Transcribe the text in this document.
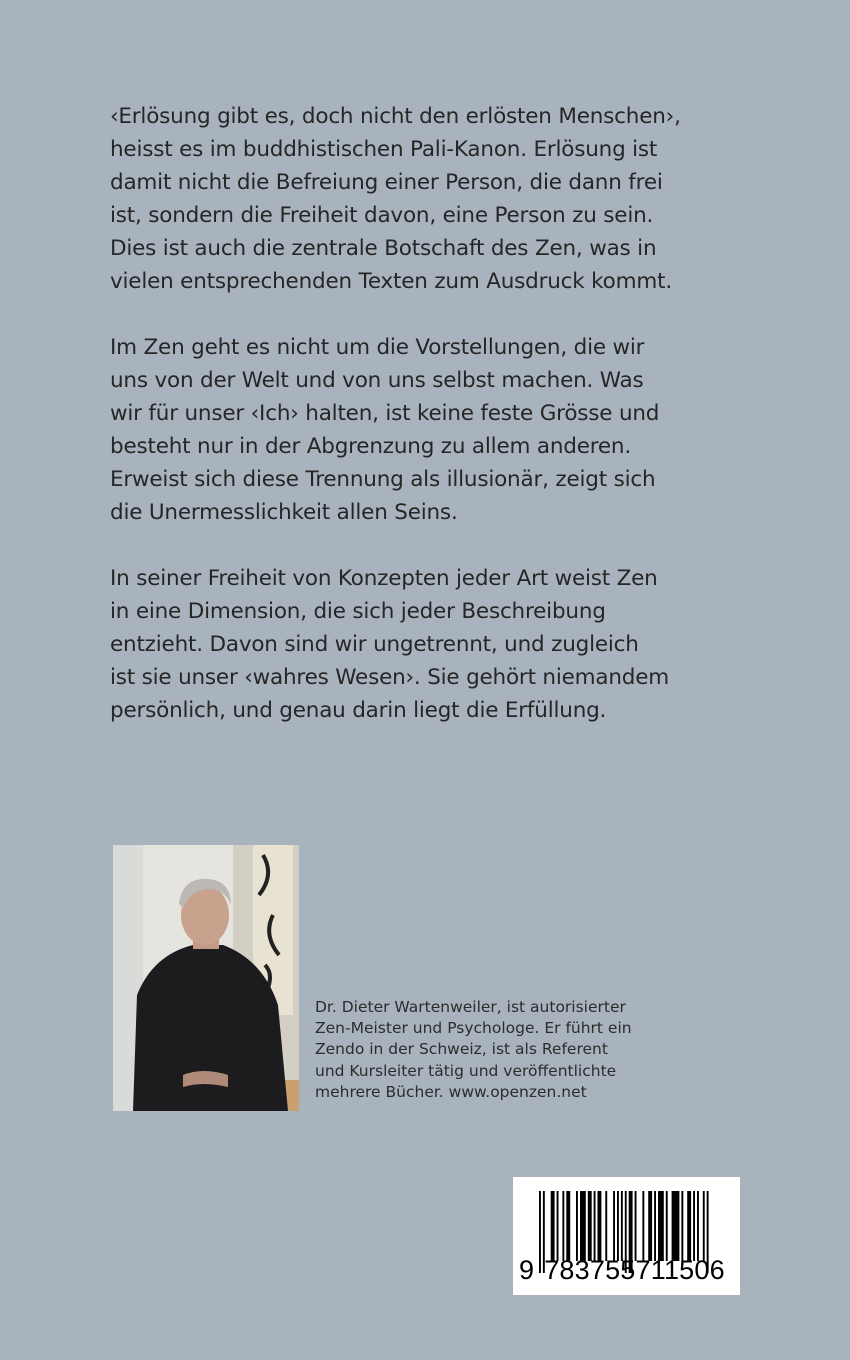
‹Erlösung gibt es, doch nicht den erlösten Menschen›,
heisst es im buddhistischen Pali-Kanon. Erlösung ist
damit nicht die Befreiung einer Person, die dann frei
ist, sondern die Freiheit davon, eine Person zu sein.
Dies ist auch die zentrale Botschaft des Zen, was in
vielen entsprechenden Texten zum Ausdruck kommt.

Im Zen geht es nicht um die Vorstellungen, die wir
uns von der Welt und von uns selbst machen. Was
wir für unser ‹Ich› halten, ist keine feste Grösse und
besteht nur in der Abgrenzung zu allem anderen.
Erweist sich diese Trennung als illusionär, zeigt sich
die Unermesslichkeit allen Seins.

In seiner Freiheit von Konzepten jeder Art weist Zen
in eine Dimension, die sich jeder Beschreibung
entzieht. Davon sind wir ungetrennt, und zugleich
ist sie unser ‹wahres Wesen›. Sie gehört niemandem
persönlich, und genau darin liegt die Erfüllung.

Dr. Dieter Wartenweiler, ist autorisierter
Zen-Meister und Psychologe. Er führt ein
Zendo in der Schweiz, ist als Referent
und Kursleiter tätig und veröffentlichte
mehrere Bücher. www.openzen.net
9 783755711506
